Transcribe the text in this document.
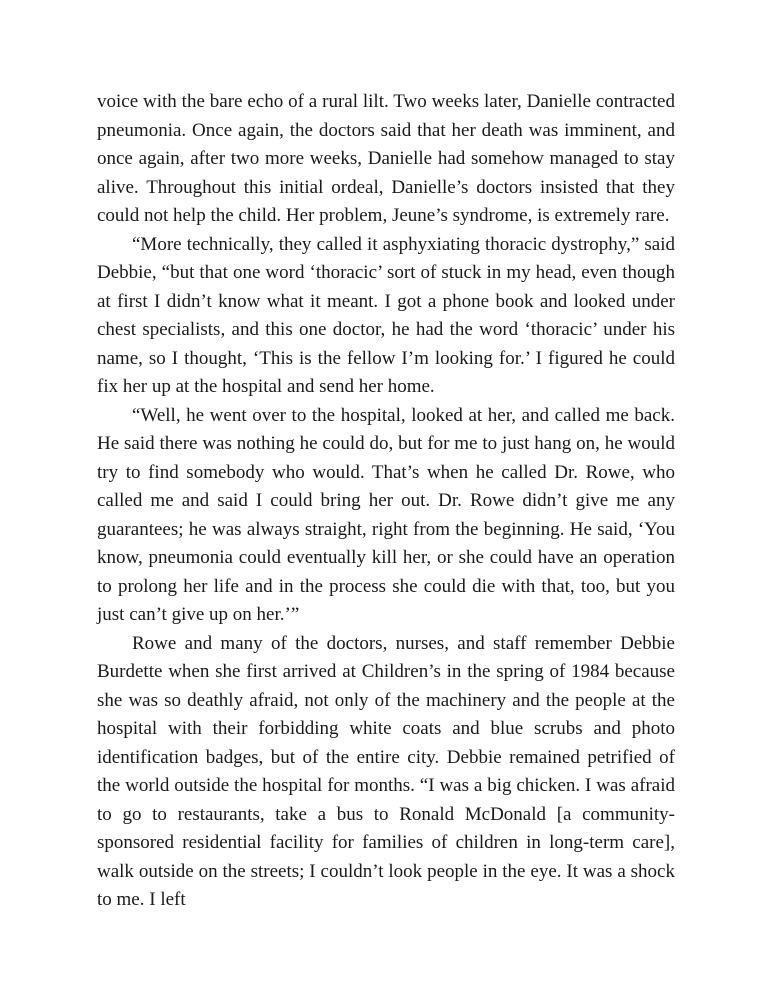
voice with the bare echo of a rural lilt. Two weeks later, Danielle contracted pneumonia. Once again, the doctors said that her death was imminent, and once again, after two more weeks, Danielle had somehow managed to stay alive. Throughout this initial ordeal, Danielle’s doctors insisted that they could not help the child. Her problem, Jeune’s syndrome, is extremely rare.

“More technically, they called it asphyxiating thoracic dystrophy,” said Debbie, “but that one word ‘thoracic’ sort of stuck in my head, even though at first I didn’t know what it meant. I got a phone book and looked under chest specialists, and this one doctor, he had the word ‘thoracic’ under his name, so I thought, ‘This is the fellow I’m looking for.’ I figured he could fix her up at the hospital and send her home.

“Well, he went over to the hospital, looked at her, and called me back. He said there was nothing he could do, but for me to just hang on, he would try to find somebody who would. That’s when he called Dr. Rowe, who called me and said I could bring her out. Dr. Rowe didn’t give me any guarantees; he was always straight, right from the beginning. He said, ‘You know, pneumonia could eventually kill her, or she could have an operation to prolong her life and in the process she could die with that, too, but you just can’t give up on her.’”

Rowe and many of the doctors, nurses, and staff remember Debbie Burdette when she first arrived at Children’s in the spring of 1984 because she was so deathly afraid, not only of the machinery and the people at the hospital with their forbidding white coats and blue scrubs and photo identification badges, but of the entire city. Debbie remained petrified of the world outside the hospital for months. “I was a big chicken. I was afraid to go to restaurants, take a bus to Ronald McDonald [a community-sponsored residential facility for families of children in long-term care], walk outside on the streets; I couldn’t look people in the eye. It was a shock to me. I left
